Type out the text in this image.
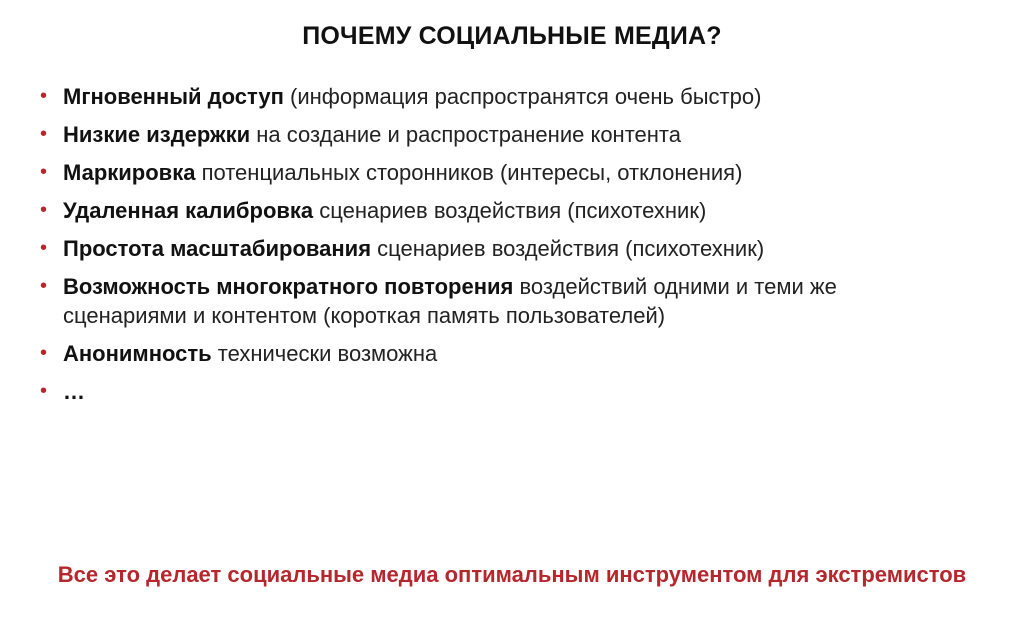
ПОЧЕМУ СОЦИАЛЬНЫЕ МЕДИА?
• Мгновенный доступ (информация распространятся очень быстро)
• Низкие издержки на создание и распространение контента
• Маркировка потенциальных сторонников (интересы, отклонения)
• Удаленная калибровка сценариев воздействия (психотехник)
• Простота масштабирования сценариев воздействия (психотехник)
• Возможность многократного повторения воздействий одними и теми же сценариями и контентом (короткая память пользователей)
• Анонимность технически возможна
• …
Все это делает социальные медиа оптимальным инструментом для экстремистов
